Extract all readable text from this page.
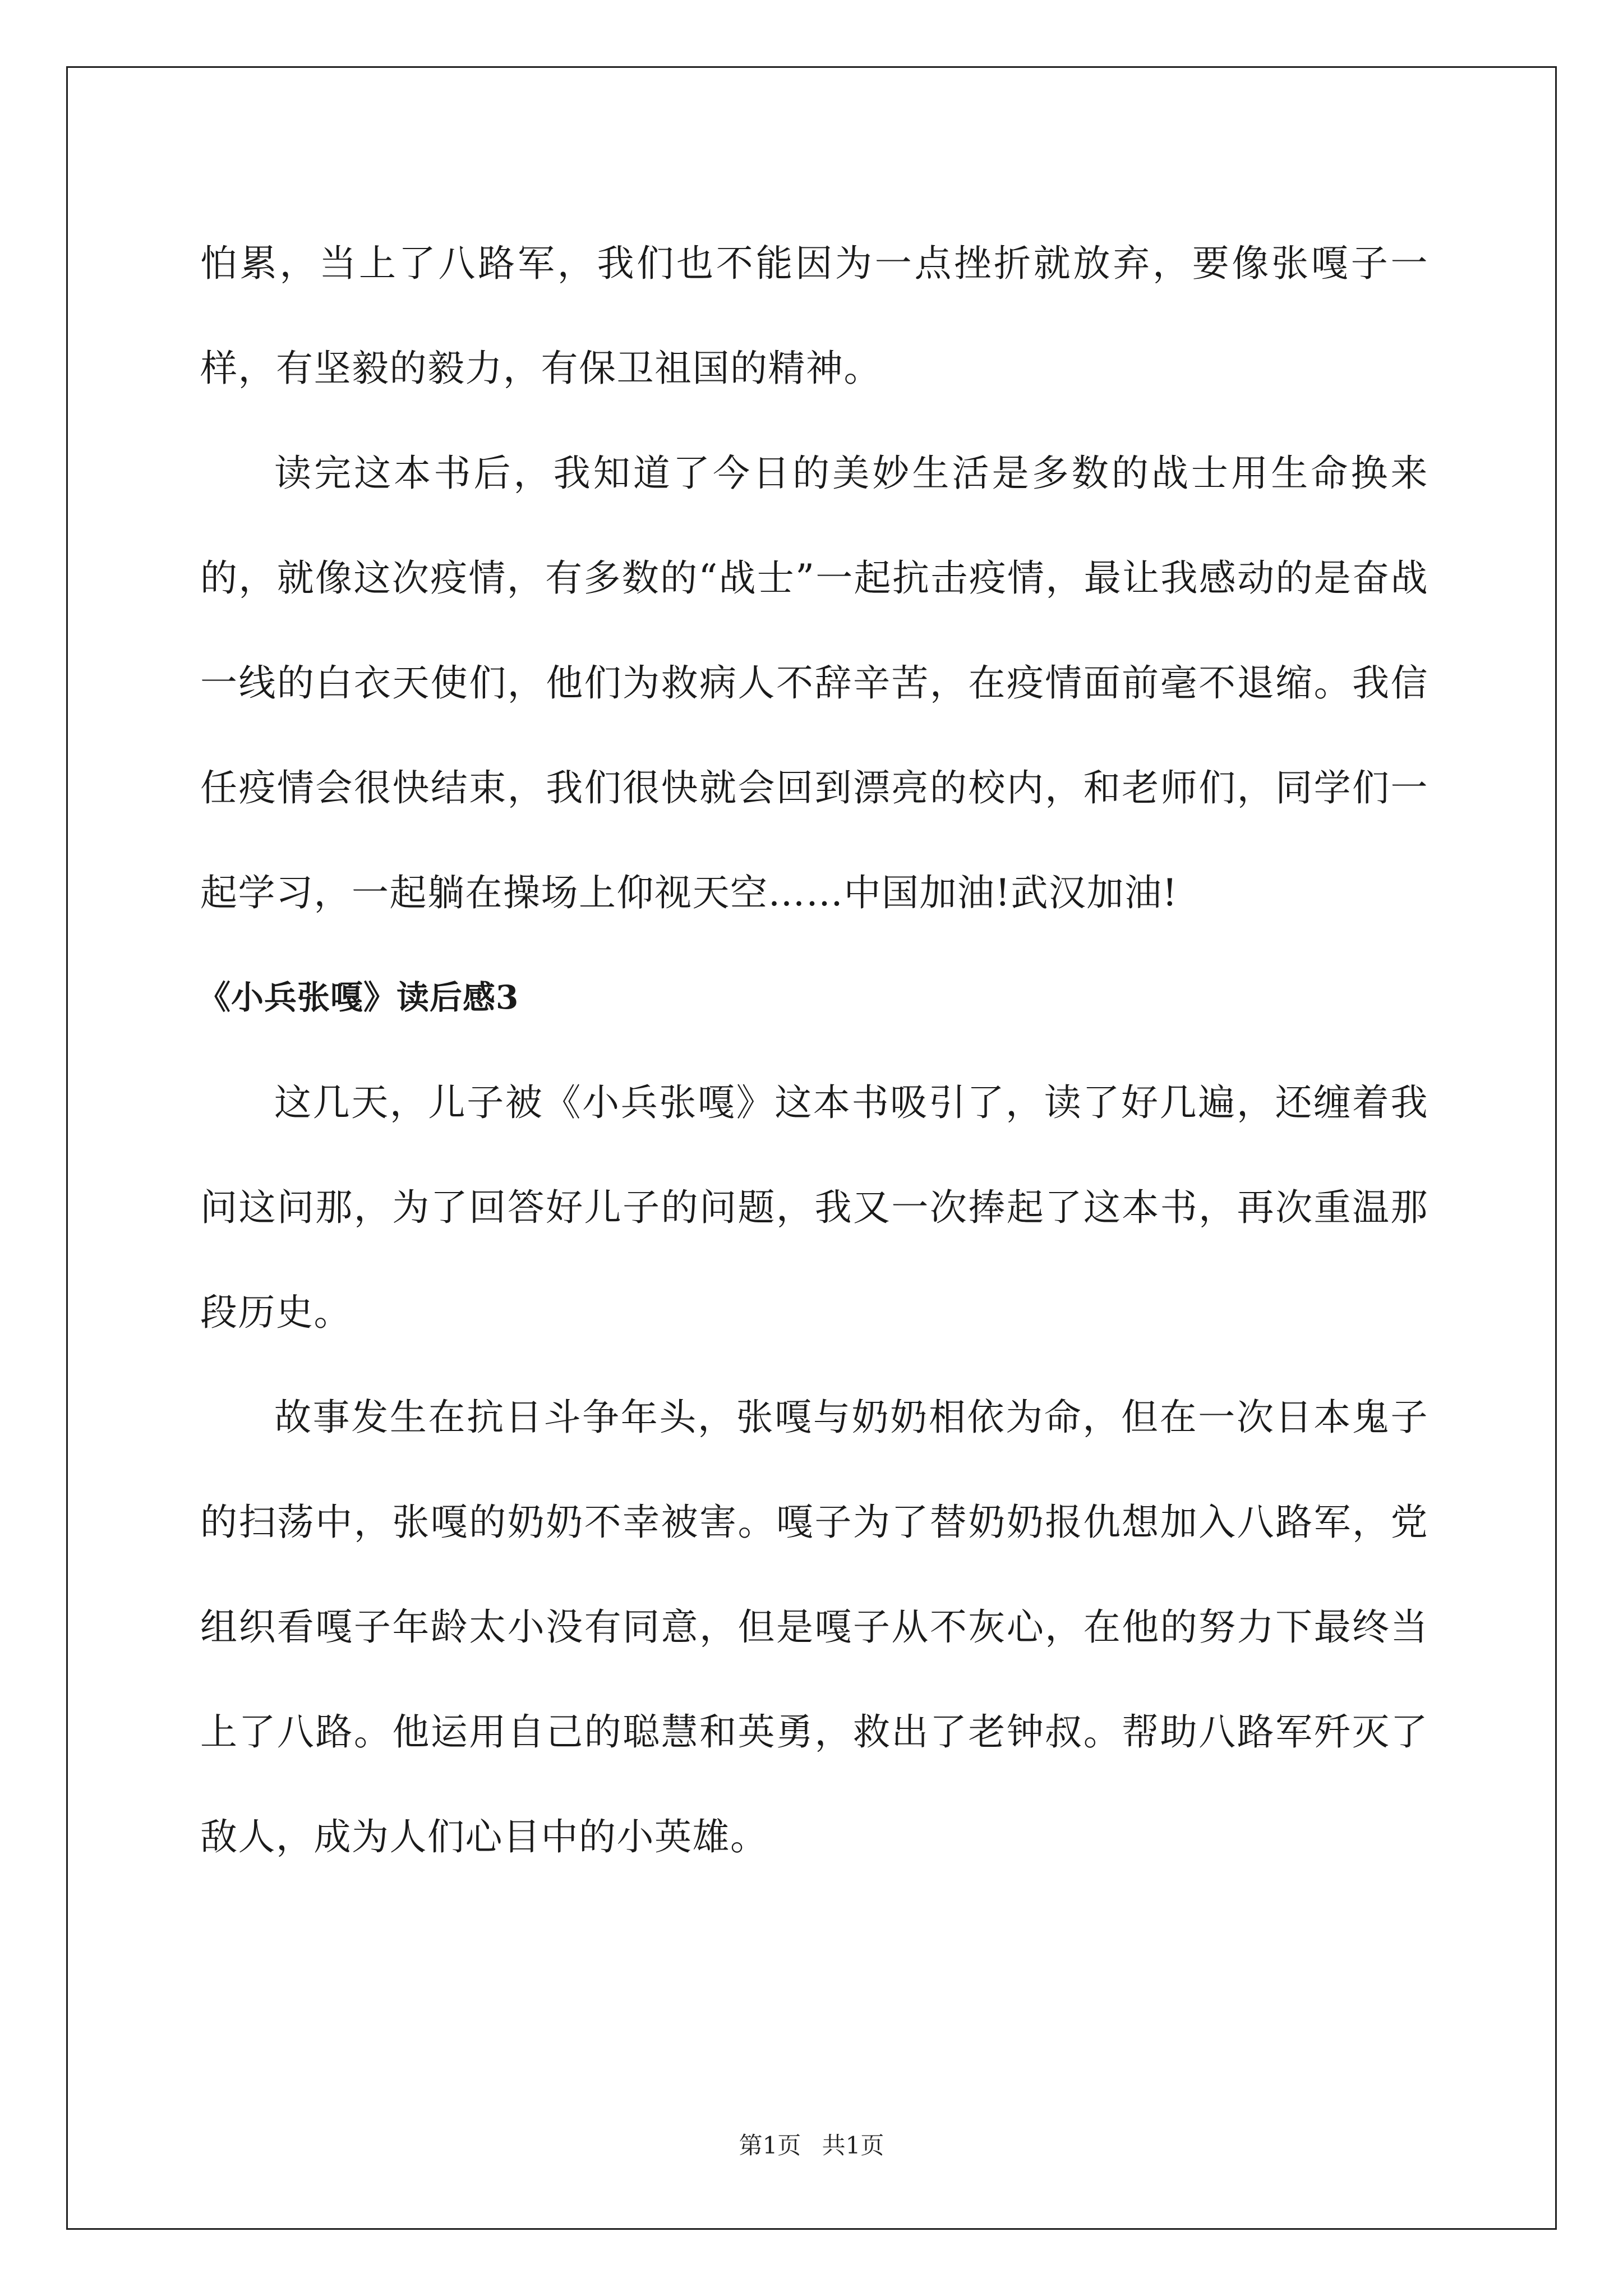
怕累，当上了八路军，我们也不能因为一点挫折就放弃，要像张嘎子一样，有坚毅的毅力，有保卫祖国的精神。

读完这本书后，我知道了今日的美妙生活是多数的战士用生命换来的，就像这次疫情，有多数的“战士”一起抗击疫情，最让我感动的是奋战一线的白衣天使们，他们为救病人不辞辛苦，在疫情面前毫不退缩。我信任疫情会很快结束，我们很快就会回到漂亮的校内，和老师们，同学们一起学习，一起躺在操场上仰视天空……中国加油!武汉加油!

《小兵张嘎》读后感3

这几天，儿子被《小兵张嘎》这本书吸引了，读了好几遍，还缠着我问这问那，为了回答好儿子的问题，我又一次捧起了这本书，再次重温那段历史。

故事发生在抗日斗争年头，张嘎与奶奶相依为命，但在一次日本鬼子的扫荡中，张嘎的奶奶不幸被害。嘎子为了替奶奶报仇想加入八路军，党组织看嘎子年龄太小没有同意，但是嘎子从不灰心，在他的努力下最终当上了八路。他运用自己的聪慧和英勇，救出了老钟叔。帮助八路军歼灭了敌人，成为人们心目中的小英雄。

第1页 共1页
